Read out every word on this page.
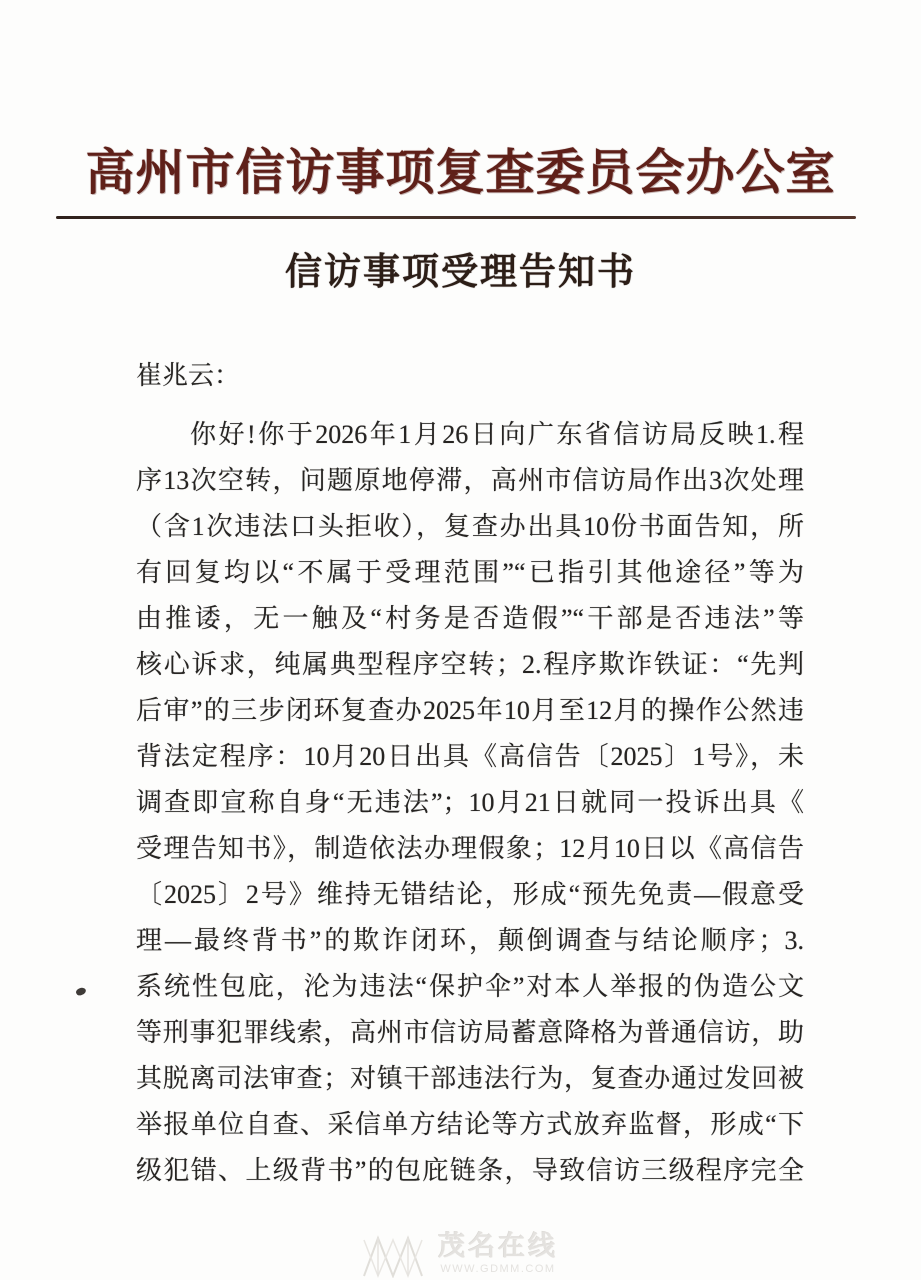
高州市信访事项复查委员会办公室
信访事项受理告知书
崔兆云：
你好!你于2026年1月26日向广东省信访局反映1.程
序13次空转，问题原地停滞，高州市信访局作出3次处理
（含1次违法口头拒收），复查办出具10份书面告知，所
有回复均以“不属于受理范围”“已指引其他途径”等为
由推诿，无一触及“村务是否造假”“干部是否违法”等
核心诉求，纯属典型程序空转；2.程序欺诈铁证：“先判
后审”的三步闭环复查办2025年10月至12月的操作公然违
背法定程序：10月20日出具《高信告〔2025〕1号》，未
调查即宣称自身“无违法”；10月21日就同一投诉出具《
受理告知书》，制造依法办理假象；12月10日以《高信告
〔2025〕2号》维持无错结论，形成“预先免责—假意受
理—最终背书”的欺诈闭环，颠倒调查与结论顺序；3.
系统性包庇，沦为违法“保护伞”对本人举报的伪造公文
等刑事犯罪线索，高州市信访局蓄意降格为普通信访，助
其脱离司法审查；对镇干部违法行为，复查办通过发回被
举报单位自查、采信单方结论等方式放弃监督，形成“下
级犯错、上级背书”的包庇链条，导致信访三级程序完全
茂名在线
WWW.GDMM.COM
